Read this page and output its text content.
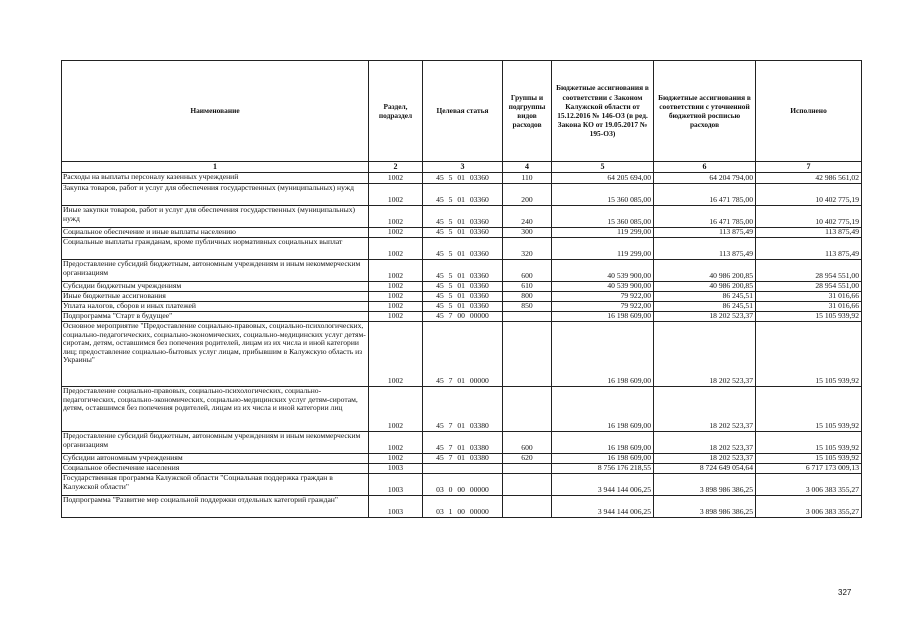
Наименование	Раздел, подраздел	Целевая статья	Группы и подгруппы видов расходов	Бюджетные ассигнования в соответствии с Законом Калужской области от 15.12.2016 № 146-ОЗ (в ред. Закона КО от 19.05.2017 № 195-ОЗ)	Бюджетные ассигнования в соответствии с уточненной бюджетной росписью расходов	Исполнено
1	2	3	4	5	6	7
Расходы на выплаты персоналу казенных учреждений	1002	45 5 01 03360	110	64 205 694,00	64 204 794,00	42 986 561,02
Закупка товаров, работ и услуг для обеспечения государственных (муниципальных) нужд	1002	45 5 01 03360	200	15 360 085,00	16 471 785,00	10 402 775,19
Иные закупки товаров, работ и услуг для обеспечения государственных (муниципальных) нужд	1002	45 5 01 03360	240	15 360 085,00	16 471 785,00	10 402 775,19
Социальное обеспечение и иные выплаты населению	1002	45 5 01 03360	300	119 299,00	113 875,49	113 875,49
Социальные выплаты гражданам, кроме публичных нормативных социальных выплат	1002	45 5 01 03360	320	119 299,00	113 875,49	113 875,49
Предоставление субсидий бюджетным, автономным учреждениям и иным некоммерческим организациям	1002	45 5 01 03360	600	40 539 900,00	40 986 200,85	28 954 551,00
Субсидии бюджетным учреждениям	1002	45 5 01 03360	610	40 539 900,00	40 986 200,85	28 954 551,00
Иные бюджетные ассигнования	1002	45 5 01 03360	800	79 922,00	86 245,51	31 016,66
Уплата налогов, сборов и иных платежей	1002	45 5 01 03360	850	79 922,00	86 245,51	31 016,66
Подпрограмма "Старт в будущее"	1002	45 7 00 00000		16 198 609,00	18 202 523,37	15 105 939,92
Основное мероприятие "Предоставление социально-правовых, социально-психологических, социально-педагогических, социально-экономических, социально-медицинских услуг детям-сиротам, детям, оставшимся без попечения родителей, лицам из их числа и иной категории лиц; предоставление социально-бытовых услуг лицам, прибывшим в Калужскую область из Украины"	1002	45 7 01 00000		16 198 609,00	18 202 523,37	15 105 939,92
Предоставление социально-правовых, социально-психологических, социально-педагогических, социально-экономических, социально-медицинских услуг детям-сиротам, детям, оставшимся без попечения родителей, лицам из их числа и иной категории лиц	1002	45 7 01 03380		16 198 609,00	18 202 523,37	15 105 939,92
Предоставление субсидий бюджетным, автономным учреждениям и иным некоммерческим организациям	1002	45 7 01 03380	600	16 198 609,00	18 202 523,37	15 105 939,92
Субсидии автономным учреждениям	1002	45 7 01 03380	620	16 198 609,00	18 202 523,37	15 105 939,92
Социальное обеспечение населения	1003			8 756 176 218,55	8 724 649 054,64	6 717 173 009,13
Государственная программа Калужской области "Социальная поддержка граждан в Калужской области"	1003	03 0 00 00000		3 944 144 006,25	3 898 986 386,25	3 006 383 355,27
Подпрограмма "Развитие мер социальной поддержки отдельных категорий граждан"	1003	03 1 00 00000		3 944 144 006,25	3 898 986 386,25	3 006 383 355,27
327
